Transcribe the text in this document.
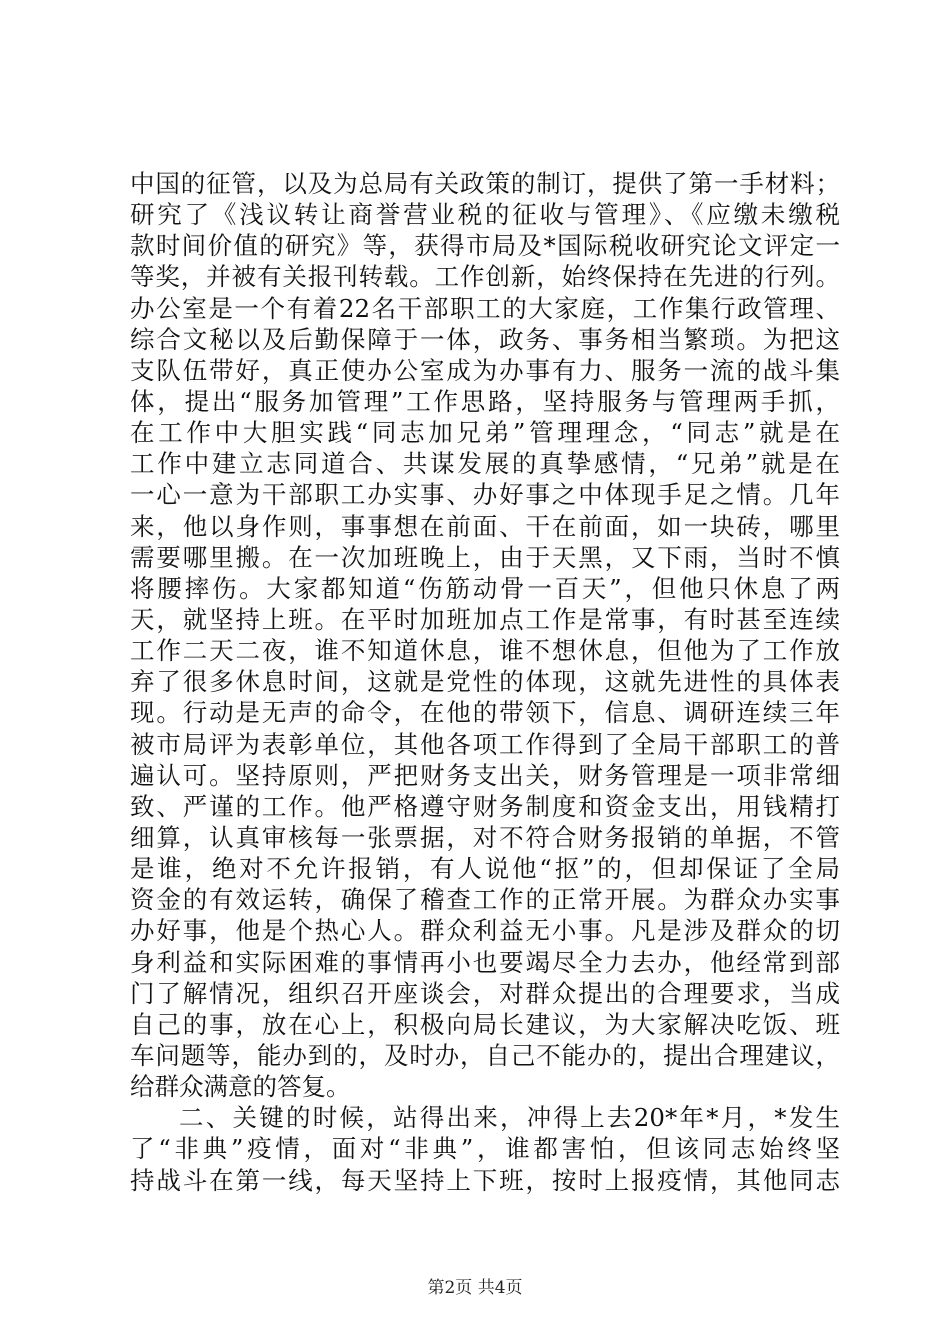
中国的征管，以及为总局有关政策的制订，提供了第一手材料；
研究了《浅议转让商誉营业税的征收与管理》、《应缴未缴税
款时间价值的研究》等，获得市局及*国际税收研究论文评定一
等奖，并被有关报刊转载。工作创新，始终保持在先进的行列。
办公室是一个有着22名干部职工的大家庭，工作集行政管理、
综合文秘以及后勤保障于一体，政务、事务相当繁琐。为把这
支队伍带好，真正使办公室成为办事有力、服务一流的战斗集
体，提出“服务加管理”工作思路，坚持服务与管理两手抓，
在工作中大胆实践“同志加兄弟”管理理念，“同志”就是在
工作中建立志同道合、共谋发展的真挚感情，“兄弟”就是在
一心一意为干部职工办实事、办好事之中体现手足之情。几年
来，他以身作则，事事想在前面、干在前面，如一块砖，哪里
需要哪里搬。在一次加班晚上，由于天黑，又下雨，当时不慎
将腰摔伤。大家都知道“伤筋动骨一百天”，但他只休息了两
天，就坚持上班。在平时加班加点工作是常事，有时甚至连续
工作二天二夜，谁不知道休息，谁不想休息，但他为了工作放
弃了很多休息时间，这就是党性的体现，这就先进性的具体表
现。行动是无声的命令，在他的带领下，信息、调研连续三年
被市局评为表彰单位，其他各项工作得到了全局干部职工的普
遍认可。坚持原则，严把财务支出关，财务管理是一项非常细
致、严谨的工作。他严格遵守财务制度和资金支出，用钱精打
细算，认真审核每一张票据，对不符合财务报销的单据，不管
是谁，绝对不允许报销，有人说他“抠”的，但却保证了全局
资金的有效运转，确保了稽查工作的正常开展。为群众办实事
办好事，他是个热心人。群众利益无小事。凡是涉及群众的切
身利益和实际困难的事情再小也要竭尽全力去办，他经常到部
门了解情况，组织召开座谈会，对群众提出的合理要求，当成
自己的事，放在心上，积极向局长建议，为大家解决吃饭、班
车问题等，能办到的，及时办，自己不能办的，提出合理建议，
给群众满意的答复。
二、关键的时候，站得出来，冲得上去20*年*月，*发生
了“非典”疫情，面对“非典”，谁都害怕，但该同志始终坚
持战斗在第一线，每天坚持上下班，按时上报疫情，其他同志
第2页 共4页
